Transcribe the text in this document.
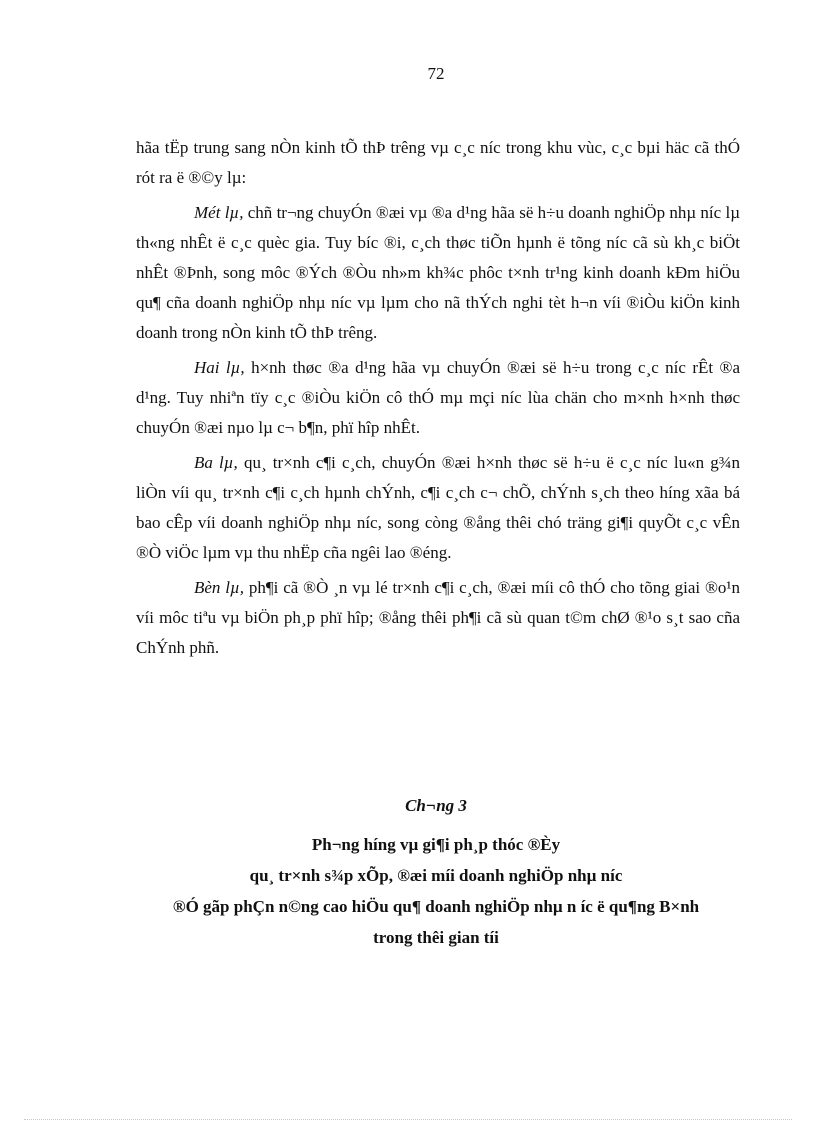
72

hãa tËp trung sang nÒn kinh tÕ thÞ trêng vµ c¸c níc trong khu vùc, c¸c bµi häc cã thÓ rót ra ë ®©y lµ:

Mét lµ, chñ tr¬ng chuyÓn ®æi vµ ®a d¹ng hãa së h÷u doanh nghiÖp nhµ níc lµ th«ng nhÊt ë c¸c quèc gia. Tuy bíc ®i, c¸ch thøc tiÕn hµnh ë tõng níc cã sù kh¸c biÖt nhÊt ®Þnh, song môc ®Ých ®Òu nh»m kh¾c phôc t×nh tr¹ng kinh doanh kÐm hiÖu qu¶ cña doanh nghiÖp nhµ níc vµ lµm cho nã thÝch nghi tèt h¬n víi ®iÒu kiÖn kinh doanh trong nÒn kinh tÕ thÞ trêng.

Hai lµ, h×nh thøc ®a d¹ng hãa vµ chuyÓn ®æi së h÷u trong c¸c níc rÊt ®a d¹ng. Tuy nhiªn tïy c¸c ®iÒu kiÖn cô thÓ mµ mçi níc lùa chän cho m×nh h×nh thøc chuyÓn ®æi nµo lµ c¬ b¶n, phï hîp nhÊt.

Ba lµ, qu¸ tr×nh c¶i c¸ch, chuyÓn ®æi h×nh thøc së h÷u ë c¸c níc lu«n g¾n liÒn víi qu¸ tr×nh c¶i c¸ch hµnh chÝnh, c¶i c¸ch c¬ chÕ, chÝnh s¸ch theo híng xãa bá bao cÊp víi doanh nghiÖp nhµ níc, song còng ®ång thêi chó träng gi¶i quyÕt c¸c vÊn ®Ò viÖc lµm vµ thu nhËp cña ngêi lao ®éng.

Bèn lµ, ph¶i cã ®Ò ¸n vµ lé tr×nh c¶i c¸ch, ®æi míi cô thÓ cho tõng giai ®o¹n víi môc tiªu vµ biÖn ph¸p phï hîp; ®ång thêi ph¶i cã sù quan t©m chØ ®¹o s¸t sao cña ChÝnh phñ.

Ch¬ng 3
Ph¬ng híng vµ gi¶i ph¸p thóc ®Èy
qu¸ tr×nh s¾p xÕp, ®æi míi doanh nghiÖp nhµ níc
®Ó gãp phÇn n©ng cao hiÖu qu¶ doanh nghiÖp nhµ n íc ë qu¶ng B×nh
trong thêi gian tíi
